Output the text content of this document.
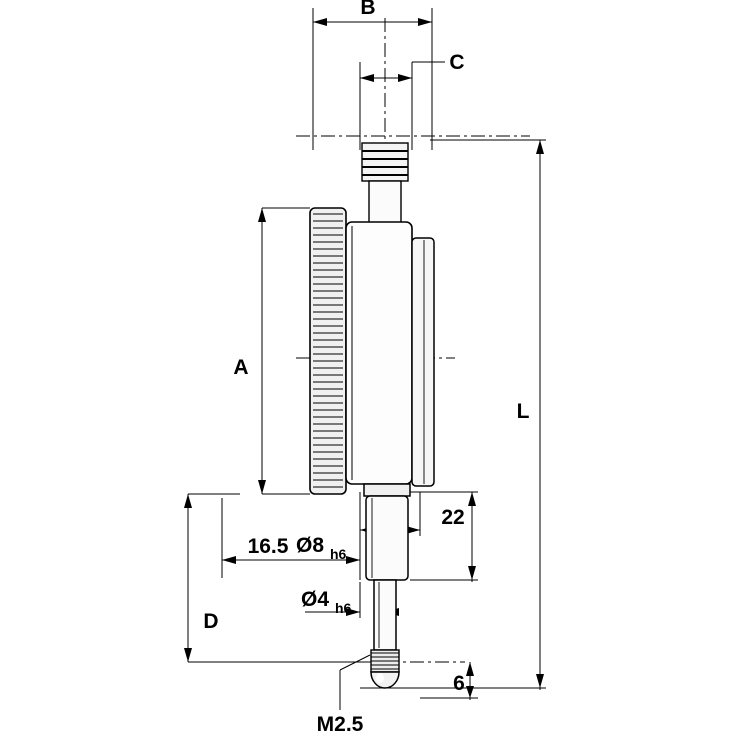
B
C
A
L
D
16.5
22
6
Ø8 h6
Ø4 h6
M2.5
